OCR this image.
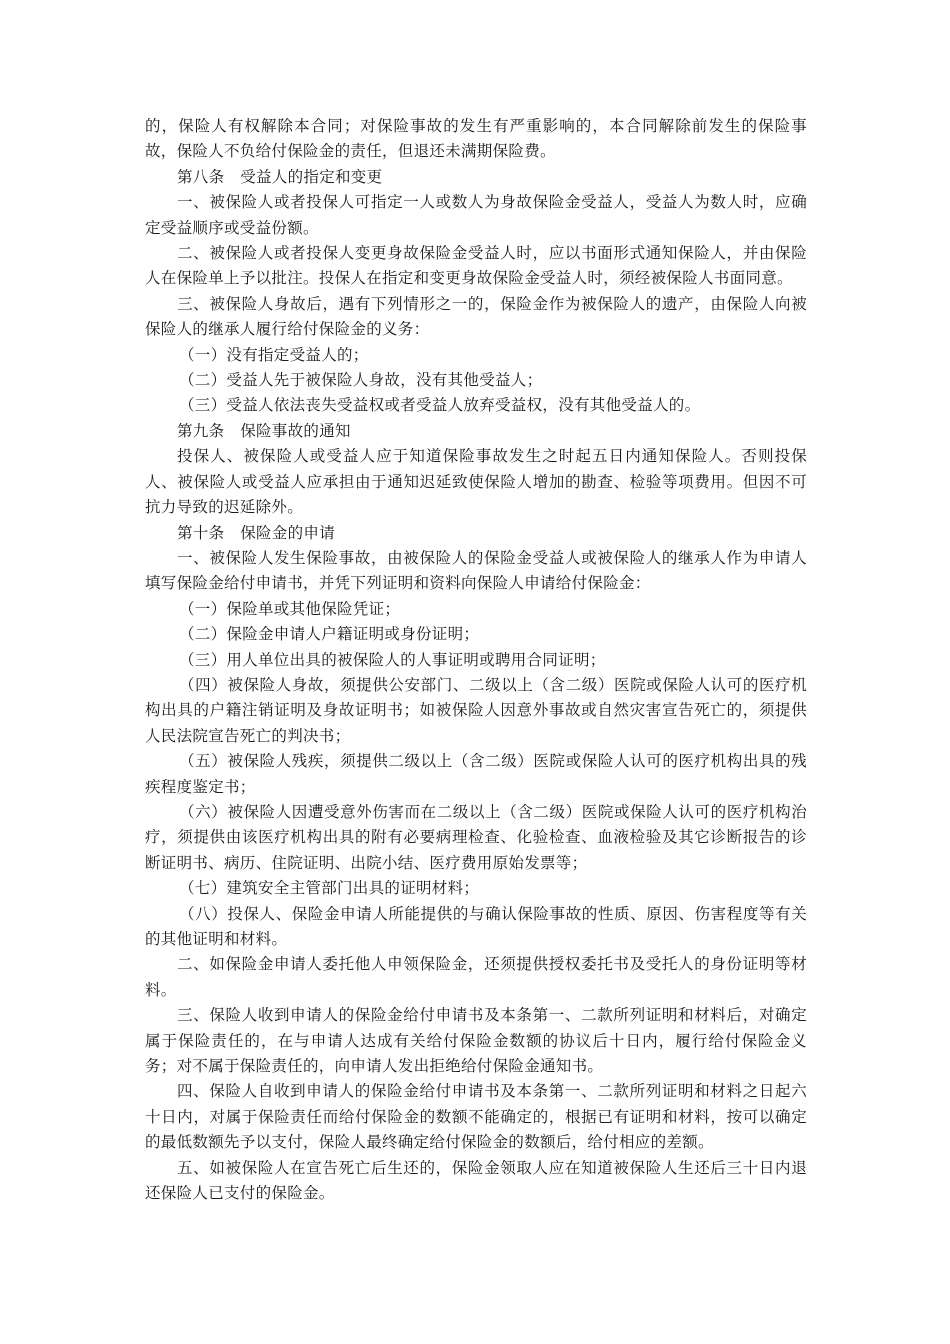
的，保险人有权解除本合同；对保险事故的发生有严重影响的，本合同解除前发生的保险事故，保险人不负给付保险金的责任，但退还未满期保险费。

第八条　受益人的指定和变更

一、被保险人或者投保人可指定一人或数人为身故保险金受益人，受益人为数人时，应确定受益顺序或受益份额。

二、被保险人或者投保人变更身故保险金受益人时，应以书面形式通知保险人，并由保险人在保险单上予以批注。投保人在指定和变更身故保险金受益人时，须经被保险人书面同意。

三、被保险人身故后，遇有下列情形之一的，保险金作为被保险人的遗产，由保险人向被保险人的继承人履行给付保险金的义务：

（一）没有指定受益人的；

（二）受益人先于被保险人身故，没有其他受益人；

（三）受益人依法丧失受益权或者受益人放弃受益权，没有其他受益人的。

第九条　保险事故的通知

投保人、被保险人或受益人应于知道保险事故发生之时起五日内通知保险人。否则投保人、被保险人或受益人应承担由于通知迟延致使保险人增加的勘查、检验等项费用。但因不可抗力导致的迟延除外。

第十条　保险金的申请

一、被保险人发生保险事故，由被保险人的保险金受益人或被保险人的继承人作为申请人填写保险金给付申请书，并凭下列证明和资料向保险人申请给付保险金：

（一）保险单或其他保险凭证；

（二）保险金申请人户籍证明或身份证明；

（三）用人单位出具的被保险人的人事证明或聘用合同证明；

（四）被保险人身故，须提供公安部门、二级以上（含二级）医院或保险人认可的医疗机构出具的户籍注销证明及身故证明书；如被保险人因意外事故或自然灾害宣告死亡的，须提供人民法院宣告死亡的判决书；

（五）被保险人残疾，须提供二级以上（含二级）医院或保险人认可的医疗机构出具的残疾程度鉴定书；

（六）被保险人因遭受意外伤害而在二级以上（含二级）医院或保险人认可的医疗机构治疗，须提供由该医疗机构出具的附有必要病理检查、化验检查、血液检验及其它诊断报告的诊断证明书、病历、住院证明、出院小结、医疗费用原始发票等；

（七）建筑安全主管部门出具的证明材料；

（八）投保人、保险金申请人所能提供的与确认保险事故的性质、原因、伤害程度等有关的其他证明和材料。

二、如保险金申请人委托他人申领保险金，还须提供授权委托书及受托人的身份证明等材料。

三、保险人收到申请人的保险金给付申请书及本条第一、二款所列证明和材料后，对确定属于保险责任的，在与申请人达成有关给付保险金数额的协议后十日内，履行给付保险金义务；对不属于保险责任的，向申请人发出拒绝给付保险金通知书。

四、保险人自收到申请人的保险金给付申请书及本条第一、二款所列证明和材料之日起六十日内，对属于保险责任而给付保险金的数额不能确定的，根据已有证明和材料，按可以确定的最低数额先予以支付，保险人最终确定给付保险金的数额后，给付相应的差额。

五、如被保险人在宣告死亡后生还的，保险金领取人应在知道被保险人生还后三十日内退还保险人已支付的保险金。
